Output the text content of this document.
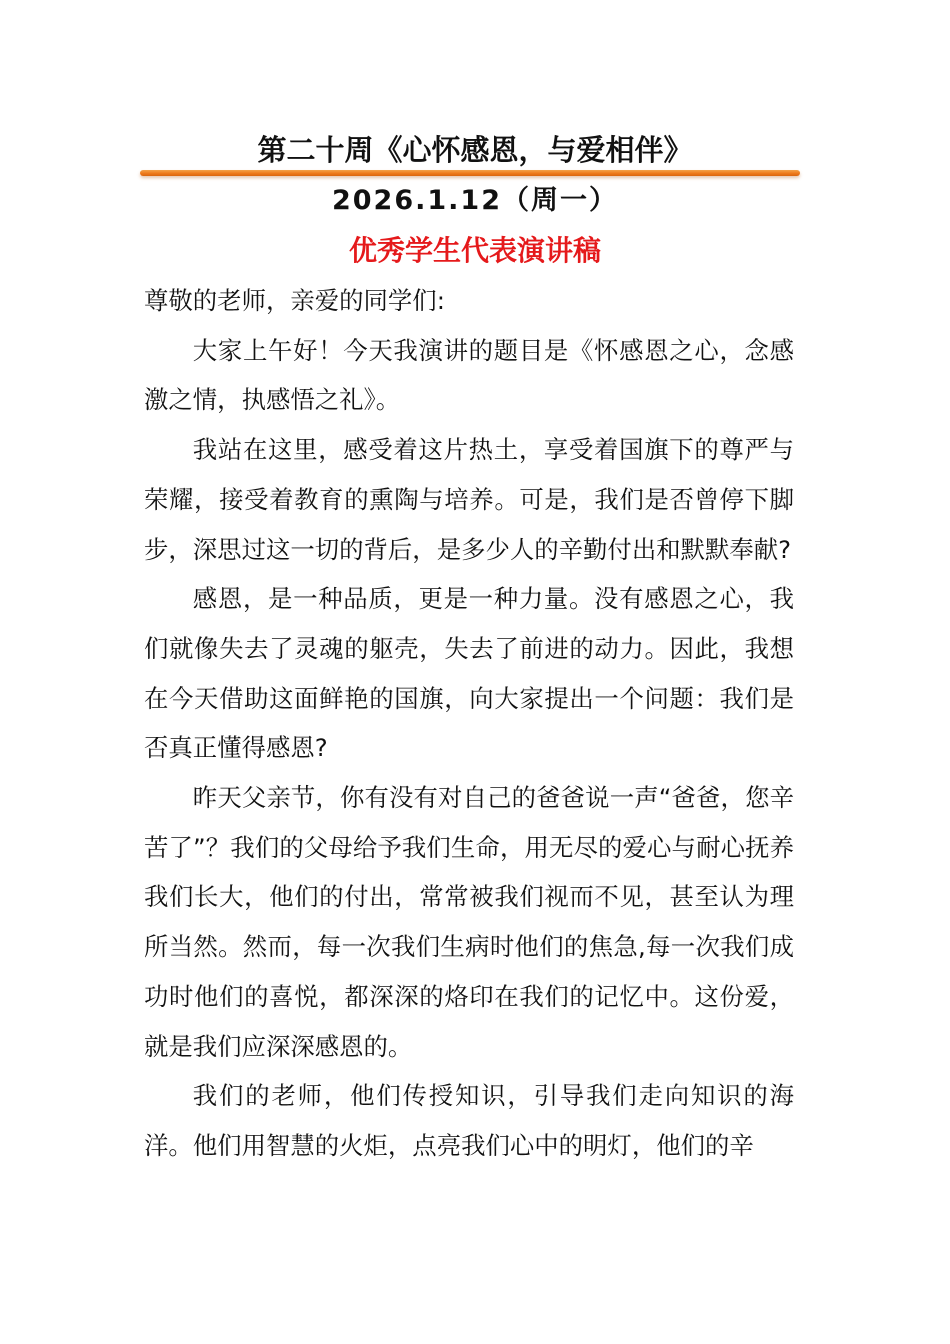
第二十周《心怀感恩，与爱相伴》
2026.1.12（周一）
优秀学生代表演讲稿

尊敬的老师，亲爱的同学们:

大家上午好！今天我演讲的题目是《怀感恩之心，念感激之情，执感悟之礼》。

我站在这里，感受着这片热土，享受着国旗下的尊严与荣耀，接受着教育的熏陶与培养。可是，我们是否曾停下脚步，深思过这一切的背后，是多少人的辛勤付出和默默奉献?

感恩，是一种品质，更是一种力量。没有感恩之心，我们就像失去了灵魂的躯壳，失去了前进的动力。因此，我想在今天借助这面鲜艳的国旗，向大家提出一个问题：我们是否真正懂得感恩?

昨天父亲节，你有没有对自己的爸爸说一声“爸爸，您辛苦了”？我们的父母给予我们生命，用无尽的爱心与耐心抚养我们长大，他们的付出，常常被我们视而不见，甚至认为理所当然。然而，每一次我们生病时他们的焦急,每一次我们成功时他们的喜悦，都深深的烙印在我们的记忆中。这份爱，就是我们应深深感恩的。

我们的老师，他们传授知识，引导我们走向知识的海洋。他们用智慧的火炬，点亮我们心中的明灯，他们的辛
